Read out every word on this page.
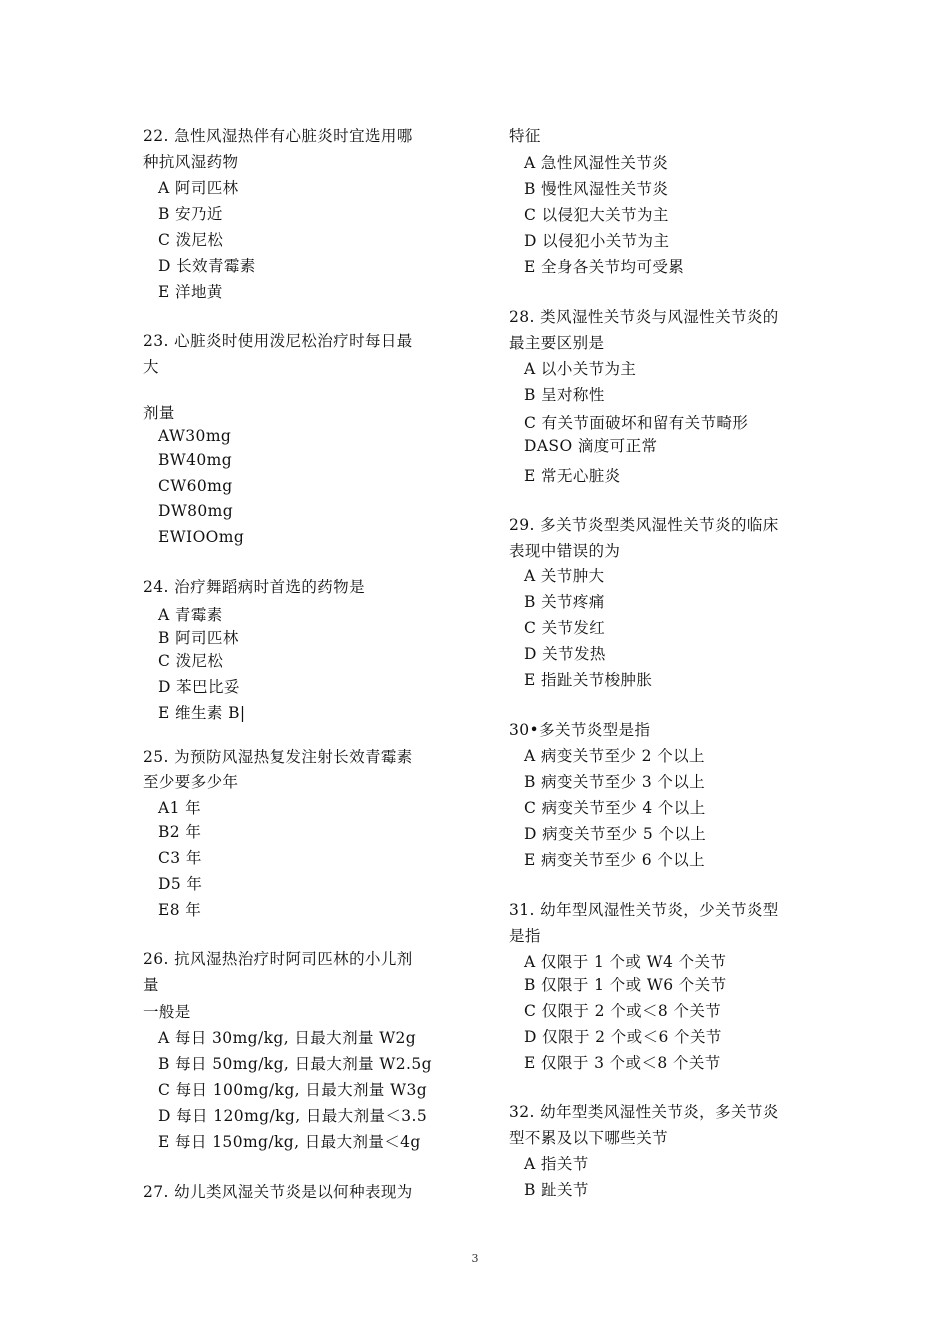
22. 急性风湿热伴有心脏炎时宜选用哪
种抗风湿药物
A 阿司匹林
B 安乃近
C 泼尼松
D 长效青霉素
E 洋地黄
23. 心脏炎时使用泼尼松治疗时每日最
大
剂量
AW30mg
BW40mg
CW60mg
DW80mg
EWIOOmg
24. 治疗舞蹈病时首选的药物是
A 青霉素
B 阿司匹林
C 泼尼松
D 苯巴比妥
E 维生素 B|
25. 为预防风湿热复发注射长效青霉素
至少要多少年
A1 年
B2 年
C3 年
D5 年
E8 年
26. 抗风湿热治疗时阿司匹林的小儿剂
量
一般是
A 每日 30mg/kg, 日最大剂量 W2g
B 每日 50mg/kg, 日最大剂量 W2.5g
C 每日 100mg/kg, 日最大剂量 W3g
D 每日 120mg/kg, 日最大剂量＜3.5
E 每日 150mg/kg, 日最大剂量＜4g
27. 幼儿类风湿关节炎是以何种表现为
特征
A 急性风湿性关节炎
B 慢性风湿性关节炎
C 以侵犯大关节为主
D 以侵犯小关节为主
E 全身各关节均可受累
28. 类风湿性关节炎与风湿性关节炎的
最主要区别是
A 以小关节为主
B 呈对称性
C 有关节面破坏和留有关节畸形
DASO 滴度可正常
E 常无心脏炎
29. 多关节炎型类风湿性关节炎的临床
表现中错误的为
A 关节肿大
B 关节疼痛
C 关节发红
D 关节发热
E 指趾关节梭肿胀
30•多关节炎型是指
A 病变关节至少 2 个以上
B 病变关节至少 3 个以上
C 病变关节至少 4 个以上
D 病变关节至少 5 个以上
E 病变关节至少 6 个以上
31. 幼年型风湿性关节炎，少关节炎型
是指
A 仅限于 1 个或 W4 个关节
B 仅限于 1 个或 W6 个关节
C 仅限于 2 个或＜8 个关节
D 仅限于 2 个或＜6 个关节
E 仅限于 3 个或＜8 个关节
32. 幼年型类风湿性关节炎，多关节炎
型不累及以下哪些关节
A 指关节
B 趾关节
3
